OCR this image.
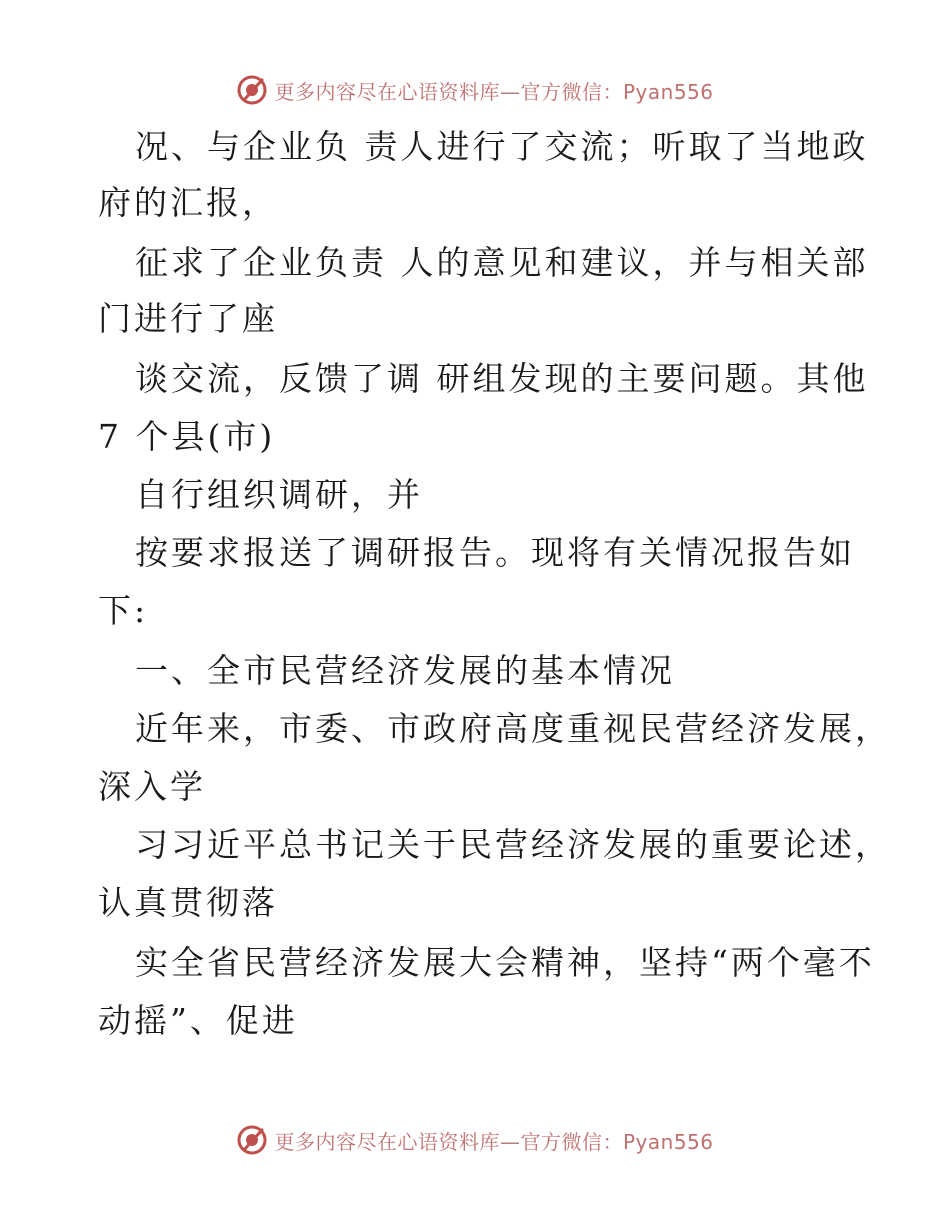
更多内容尽在心语资料库—官方微信：Pyan556
况、与企业负 责人进行了交流；听取了当地政
府的汇报，
征求了企业负责 人的意见和建议，并与相关部
门进行了座
谈交流，反馈了调 研组发现的主要问题。其他
7 个县(市)
自行组织调研，并
按要求报送了调研报告。现将有关情况报告如
下:
一、全市民营经济发展的基本情况
近年来，市委、市政府高度重视民营经济发展，
深入学
习习近平总书记关于民营经济发展的重要论述，
认真贯彻落
实全省民营经济发展大会精神，坚持“两个毫不
动摇”、促进
更多内容尽在心语资料库—官方微信：Pyan556
